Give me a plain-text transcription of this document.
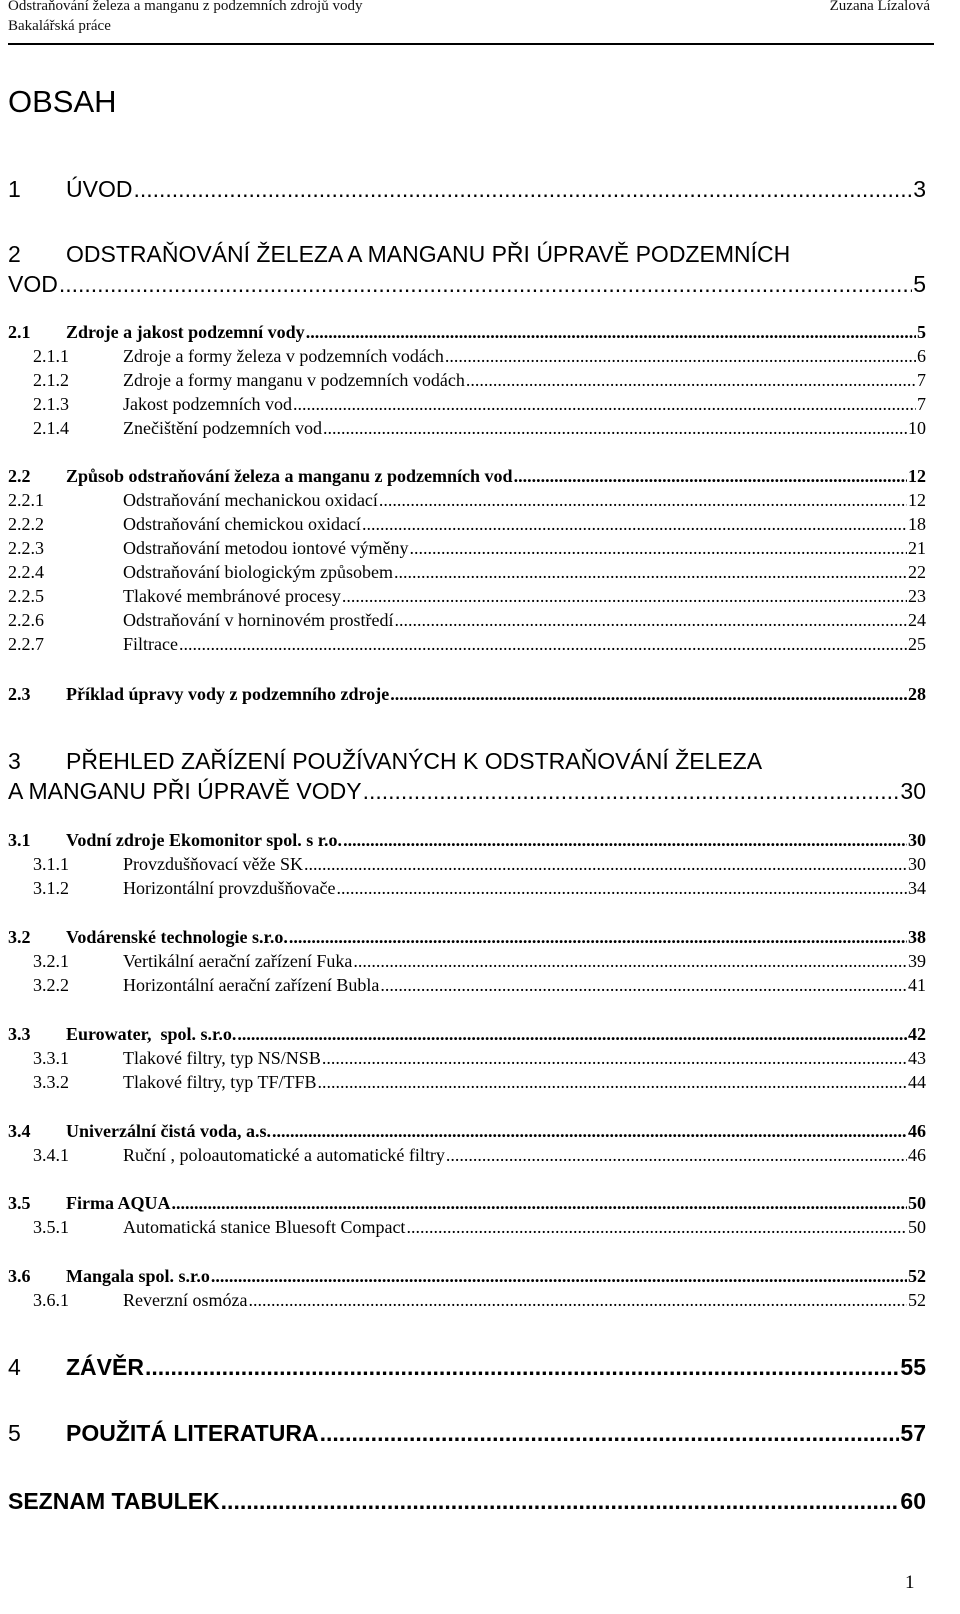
Odstraňování železa a manganu z podzemních zdrojů vody
Bakalářská práce
Zuzana Lízalová
OBSAH
1	ÚVOD .....	3
2 ODSTRAŇOVÁNÍ ŽELEZA A MANGANU PŘI ÚPRAVĚ PODZEMNÍCH
VOD .....	5
2.1	Zdroje a jakost podzemní vody .....	5
2.1.1	Zdroje a formy železa v podzemních vodách .....	6
2.1.2	Zdroje a formy manganu v podzemních vodách .....	7
2.1.3	Jakost podzemních vod .....	7
2.1.4	Znečištění podzemních vod .....	10
2.2	Způsob odstraňování železa a manganu z podzemních vod .....	12
2.2.1	Odstraňování mechanickou oxidací .....	12
2.2.2	Odstraňování chemickou oxidací .....	18
2.2.3	Odstraňování metodou iontové výměny .....	21
2.2.4	Odstraňování biologickým způsobem .....	22
2.2.5	Tlakové membránové procesy .....	23
2.2.6	Odstraňování v horninovém prostředí .....	24
2.2.7	Filtrace .....	25
2.3	Příklad úpravy vody z podzemního zdroje .....	28
3 PŘEHLED ZAŘÍZENÍ POUŽÍVANÝCH K ODSTRAŇOVÁNÍ ŽELEZA
A MANGANU PŘI ÚPRAVĚ VODY .....	30
3.1	Vodní zdroje Ekomonitor spol. s r.o. .....	30
3.1.1	Provzdušňovací věže SK .....	30
3.1.2	Horizontální provzdušňovače .....	34
3.2	Vodárenské technologie s.r.o. .....	38
3.2.1	Vertikální aerační zařízení Fuka .....	39
3.2.2	Horizontální aerační zařízení Bubla .....	41
3.3	Eurowater,  spol. s.r.o. .....	42
3.3.1	Tlakové filtry, typ NS/NSB .....	43
3.3.2	Tlakové filtry, typ TF/TFB .....	44
3.4	Univerzální čistá voda, a.s. .....	46
3.4.1	Ruční , poloautomatické a automatické filtry .....	46
3.5	Firma AQUA .....	50
3.5.1	Automatická stanice Bluesoft Compact .....	50
3.6	Mangala spol. s.r.o .....	52
3.6.1	Reverzní osmóza .....	52
4	ZÁVĚR .....	55
5	POUŽITÁ LITERATURA .....	57
SEZNAM TABULEK .....	60
1
